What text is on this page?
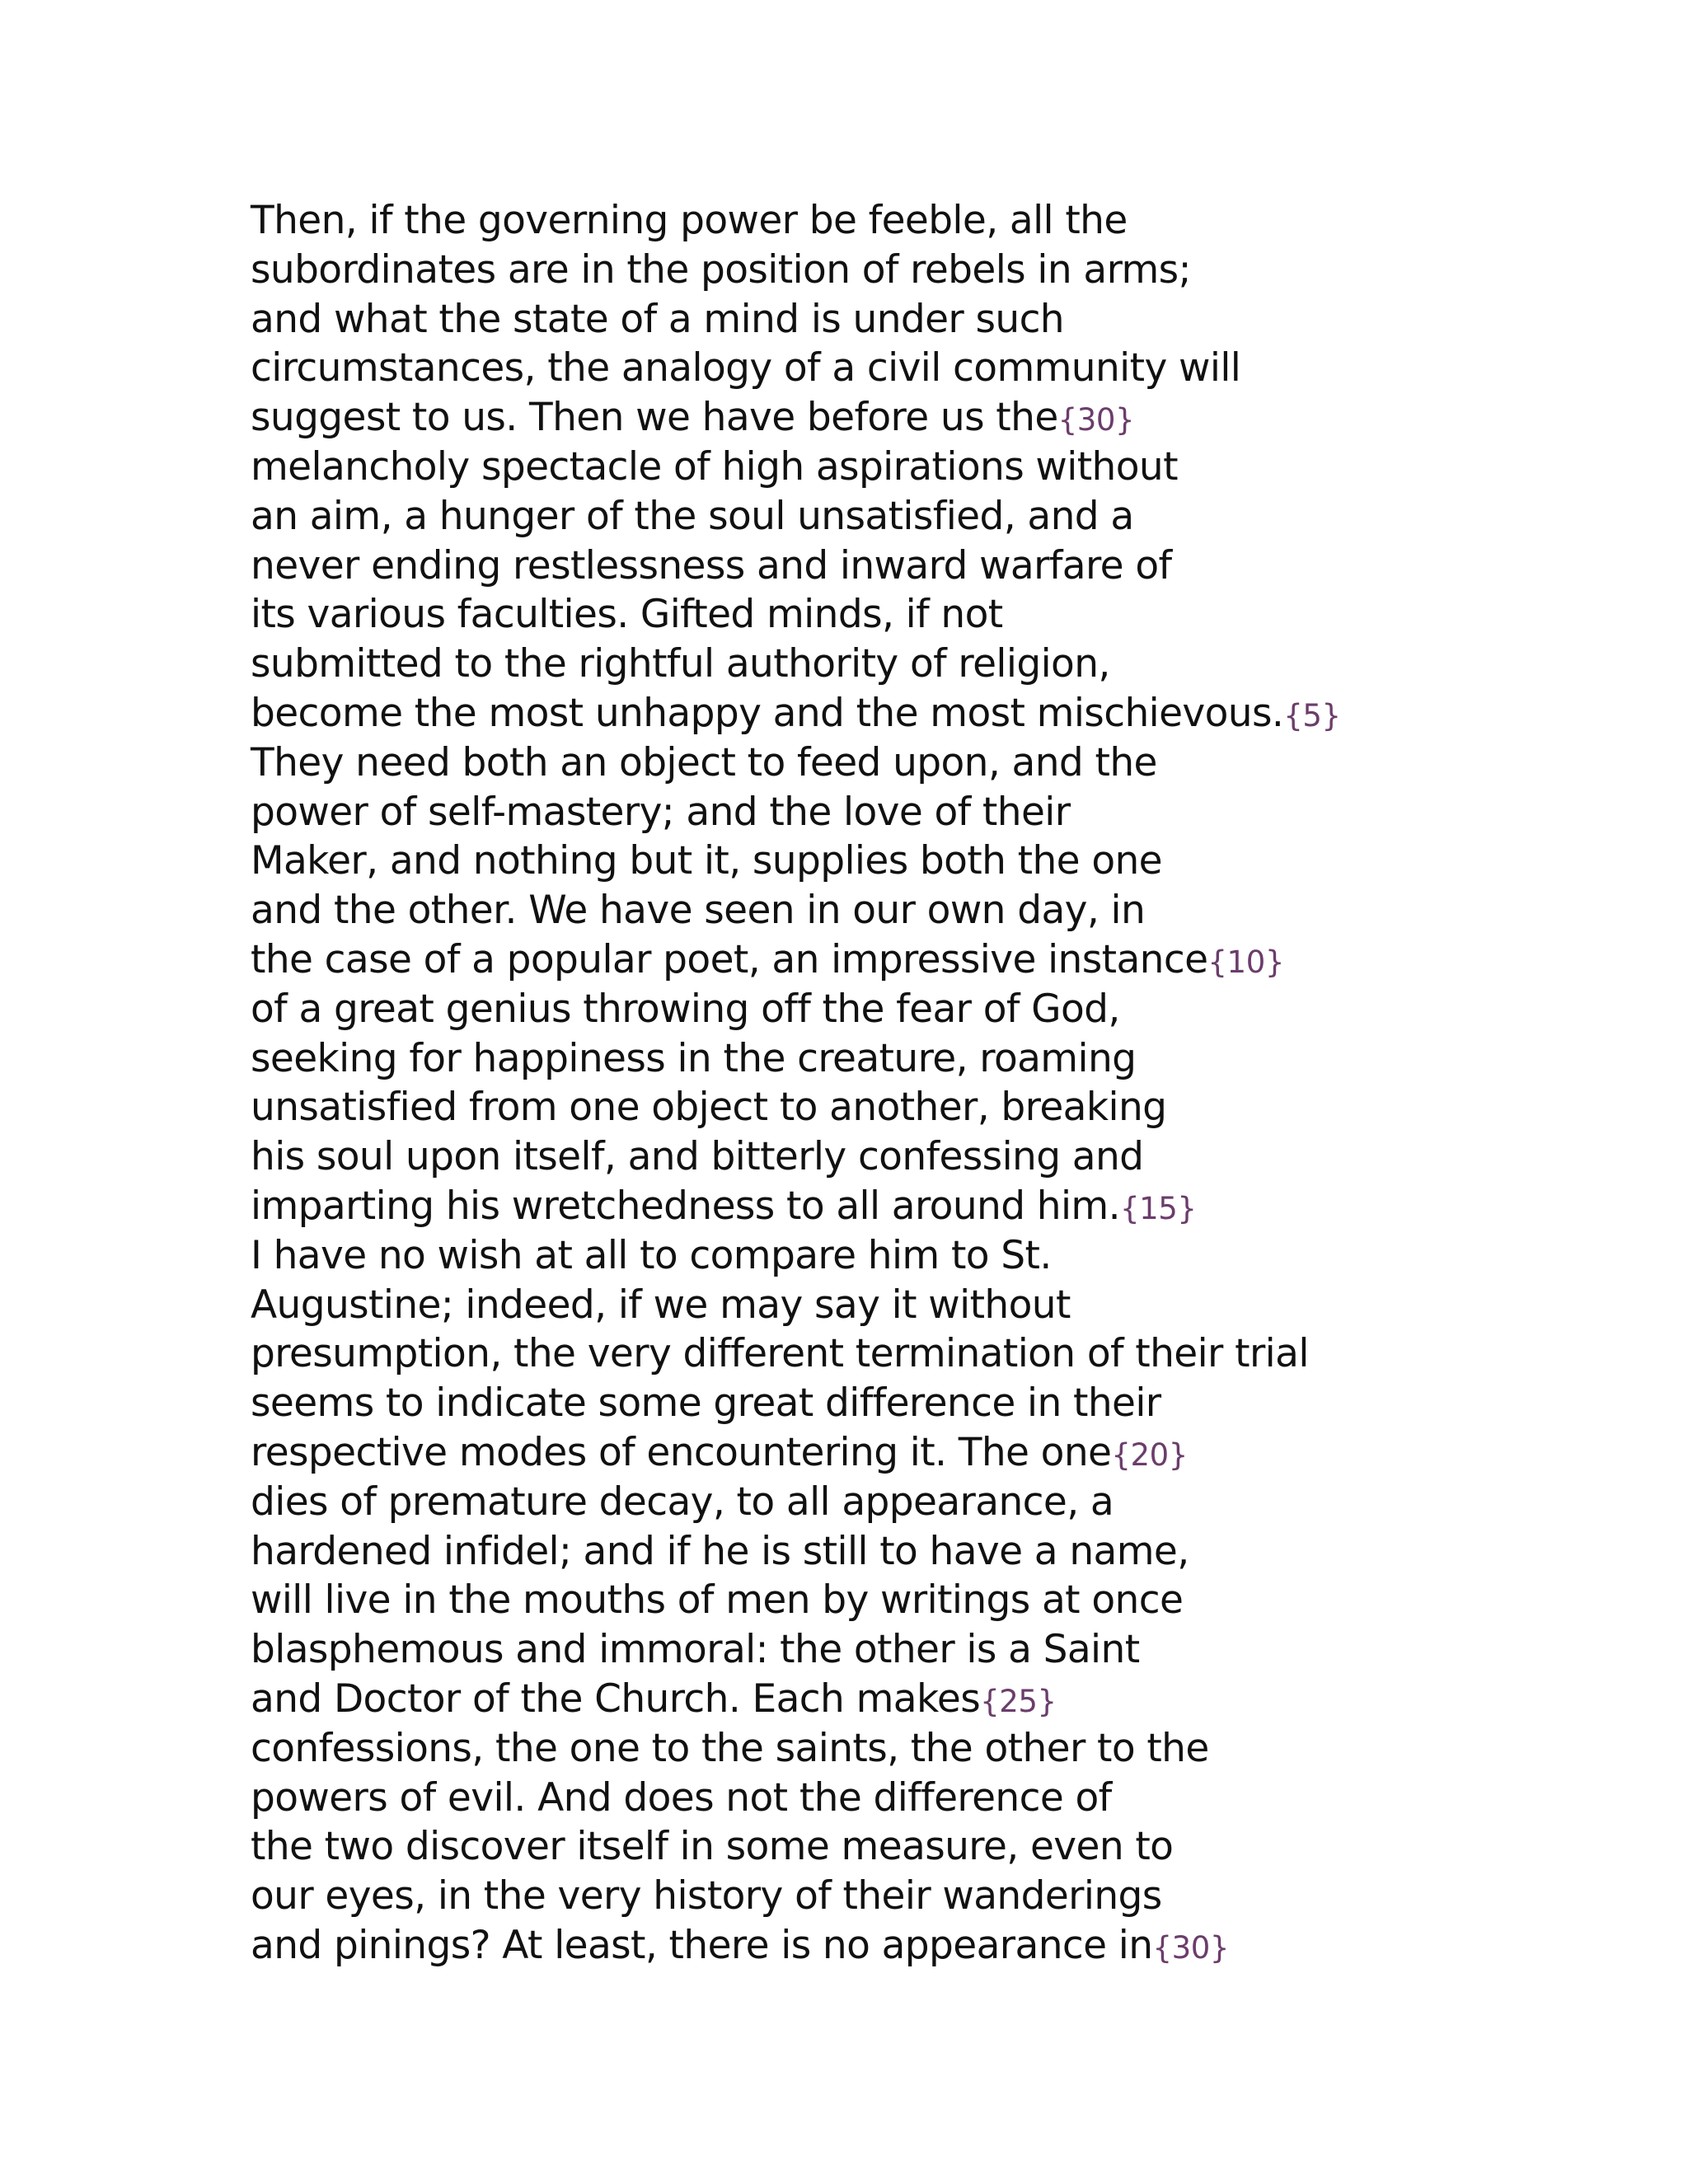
Then, if the governing power be feeble, all the
subordinates are in the position of rebels in arms;
and what the state of a mind is under such
circumstances, the analogy of a civil community will
suggest to us. Then we have before us the{30}
melancholy spectacle of high aspirations without
an aim, a hunger of the soul unsatisfied, and a
never ending restlessness and inward warfare of
its various faculties. Gifted minds, if not
submitted to the rightful authority of religion,
become the most unhappy and the most mischievous.{5}
They need both an object to feed upon, and the
power of self-mastery; and the love of their
Maker, and nothing but it, supplies both the one
and the other. We have seen in our own day, in
the case of a popular poet, an impressive instance{10}
of a great genius throwing off the fear of God,
seeking for happiness in the creature, roaming
unsatisfied from one object to another, breaking
his soul upon itself, and bitterly confessing and
imparting his wretchedness to all around him.{15}
I have no wish at all to compare him to St.
Augustine; indeed, if we may say it without
presumption, the very different termination of their trial
seems to indicate some great difference in their
respective modes of encountering it. The one{20}
dies of premature decay, to all appearance, a
hardened infidel; and if he is still to have a name,
will live in the mouths of men by writings at once
blasphemous and immoral: the other is a Saint
and Doctor of the Church. Each makes{25}
confessions, the one to the saints, the other to the
powers of evil. And does not the difference of
the two discover itself in some measure, even to
our eyes, in the very history of their wanderings
and pinings? At least, there is no appearance in{30}
